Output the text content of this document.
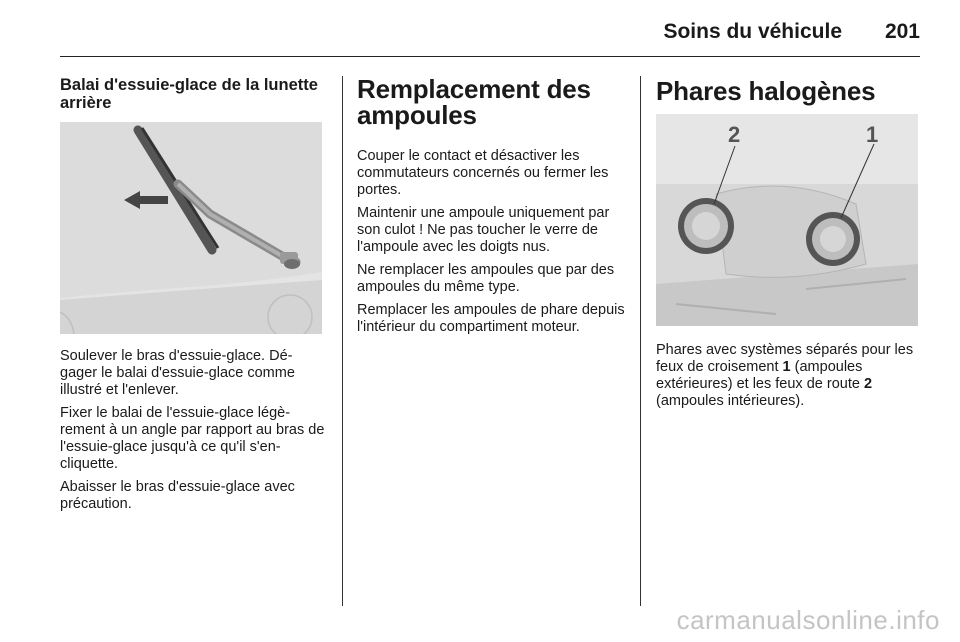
Soins du véhicule 201
Balai d'essuie-glace de la lunette arrière

Soulever le bras d'essuie-glace. Dé-gager le balai d'essuie-glace comme illustré et l'enlever.

Fixer le balai de l'essuie-glace légè-rement à un angle par rapport au bras de l'essuie-glace jusqu'à ce qu'il s'en-cliquette.

Abaisser le bras d'essuie-glace avec précaution.

Remplacement des ampoules

Couper le contact et désactiver les commutateurs concernés ou fermer les portes.

Maintenir une ampoule uniquement par son culot ! Ne pas toucher le verre de l'ampoule avec les doigts nus.

Ne remplacer les ampoules que par des ampoules du même type.

Remplacer les ampoules de phare depuis l'intérieur du compartiment moteur.

Phares halogènes
2	1

Phares avec systèmes séparés pour les feux de croisement 1 (ampoules extérieures) et les feux de route 2 (ampoules intérieures).

carmanualsonline.info
